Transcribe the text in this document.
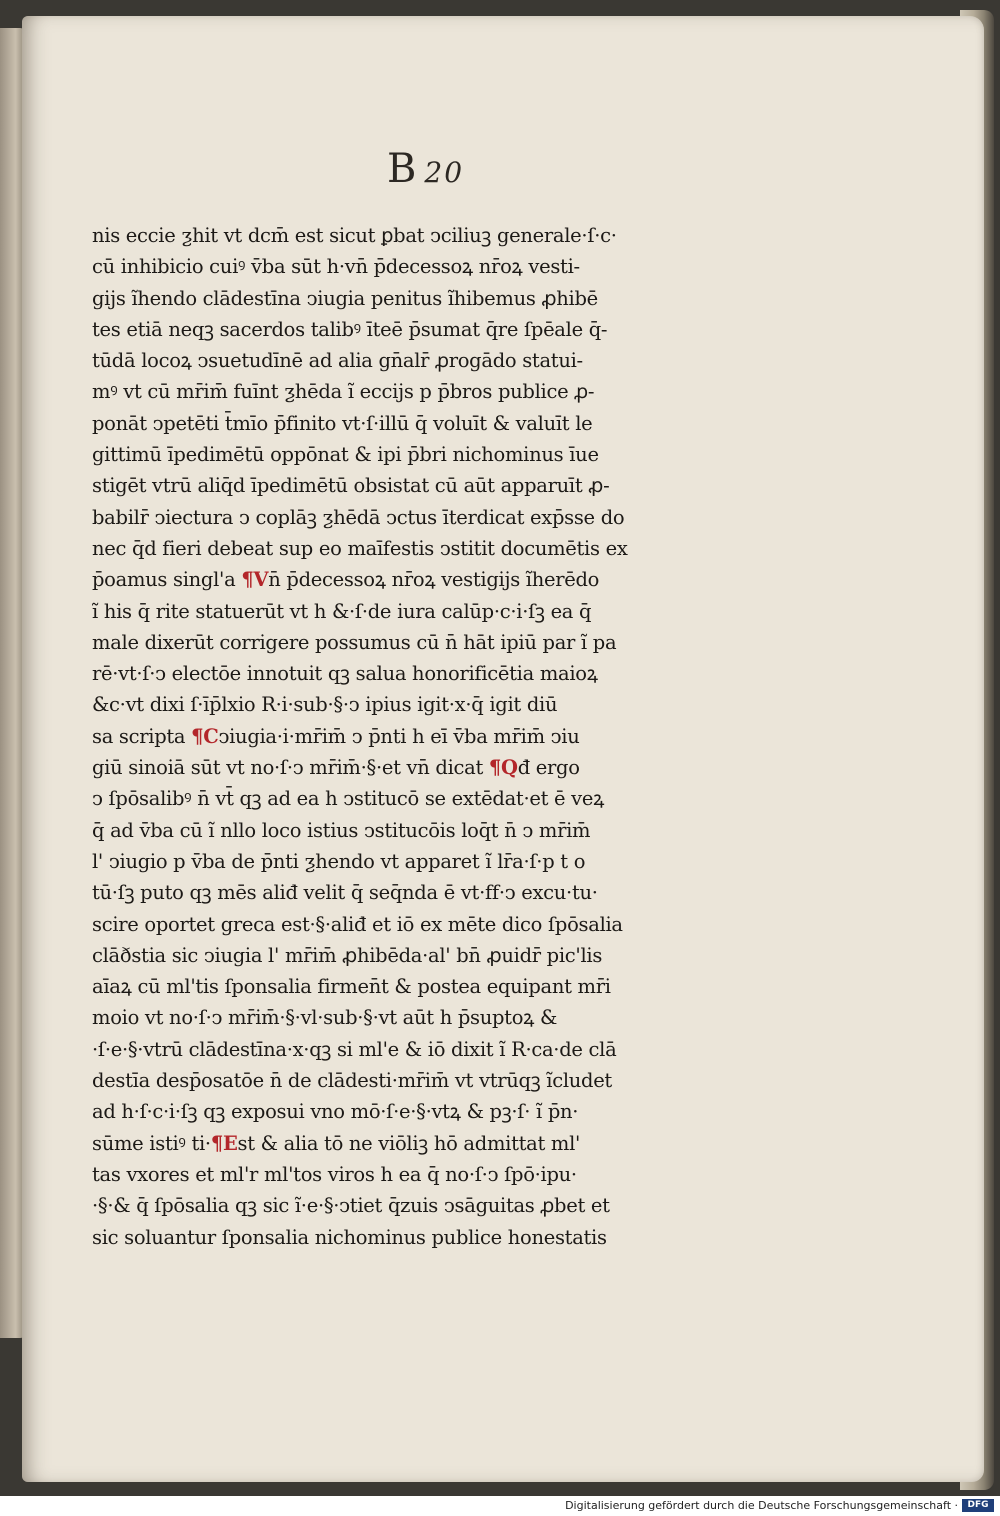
B 20
nis eccie ƺhit vt dcm̄ est sicut ꝑbat ↄciliuꝫ generale·ſ·c·
cū inhibicio cuiꝰ v̄ba sūt h·vn̄ p̄decessoꝝ nr̄oꝝ vesti-
gijs ĩhendo clādestīna ↄiugia penitus ĩhibemus ꝓhibē
tes etiā neqꝫ sacerdos talibꝰ īteē p̄sumat q̄re ſpēale q̄-
tūdā locoꝝ ↄsuetudīnē ad alia gn̄alr̄ ꝓrogādo statui-
mꝰ vt cū mr̄im̄ fuīnt ƺhēda ĩ eccijs p p̄bros publice ꝓ-
ponāt ↄpetēti t̄mīo p̄finito vt·ſ·illū q̄ voluīt & valuīt le
gittimū īpedimētū oppōnat & ipi p̄bri nichominus īue
stigēt vtrū aliq̄d īpedimētū obsistat cū aūt apparuīt ꝓ-
babilr̄ ↄiectura ↄ coplāꝫ ƺhēdā ↄctus īterdicat exp̄sse do
nec q̄d fieri debeat sup eo maīfestis ↄstitit documētis ex
p̄oamus singl'a ¶Vn̄ p̄decessoꝝ nr̄oꝝ vestigijs ĩherēdo
ĩ his q̄ rite statuerūt vt h &·ſ·de iura calūp·c·i·ſꝫ ea q̄
male dixerūt corrigere possumus cū n̄ hāt ipiū par ĩ pa
rē·vt·ſ·ↄ electōe innotuit qꝫ salua honorificētia maioꝝ
&c·vt dixi ſ·īp̄lxio R·i·sub·§·ↄ ipius igit·x·q̄ igit diū
sa scripta ¶Cↄiugia·i·mr̄im̄ ↄ p̄nti h eī v̄ba mr̄im̄ ↄiu
giū sinoiā sūt vt no·ſ·ↄ mr̄im̄·§·et vn̄ dicat ¶Qđ ergo
ↄ ſpōsalibꝰ n̄ vt̄ qꝫ ad ea h ↄstitucō se extēdat·et ē veꝝ
q̄ ad v̄ba cū ĩ nllo loco istius ↄstitucōis loq̄t n̄ ↄ mr̄im̄
l' ↄiugio p v̄ba de p̄nti ƺhendo vt apparet ĩ lr̄a·ſ·p t o
tū·ſꝫ puto qꝫ mēs aliđ velit q̄ seq̄nda ē vt·ff·ↄ excu·tu·
scire oportet greca est·§·aliđ et iō ex mēte dico ſpōsalia
clāðstia sic ↄiugia l' mr̄im̄ ꝓhibēda·al' bn̄ ꝓuidr̄ pic'lis
aīaꝝ cū ml'tis ſponsalia firmen̄t & postea equipant mr̄i
moio vt no·ſ·ↄ mr̄im̄·§·vl·sub·§·vt aūt h p̄suptoꝝ &
·ſ·e·§·vtrū clādestīna·x·qꝫ si ml'e & iō dixit ĩ R·ca·de clā
destīa desp̄osatōe n̄ de clādesti·mr̄im̄ vt vtrūqꝫ ĩcludet
ad h·ſ·c·i·ſꝫ qꝫ exposui vno mō·ſ·e·§·vtꝝ & pꝫ·ſ· ĩ p̄n·
sūme istiꝰ ti·¶Est & alia tō ne viōliꝫ hō admittat ml'
tas vxores et ml'r ml'tos viros h ea q̄ no·ſ·ↄ ſpō·ipu·
·§·& q̄ ſpōsalia qꝫ sic ĩ·e·§·ↄtiet q̄zuis ↄsāguitas ꝓbet et
sic soluantur ſponsalia nichominus publice honestatis
Digitalisierung gefördert durch die Deutsche Forschungsgemeinschaft ·	DFG
